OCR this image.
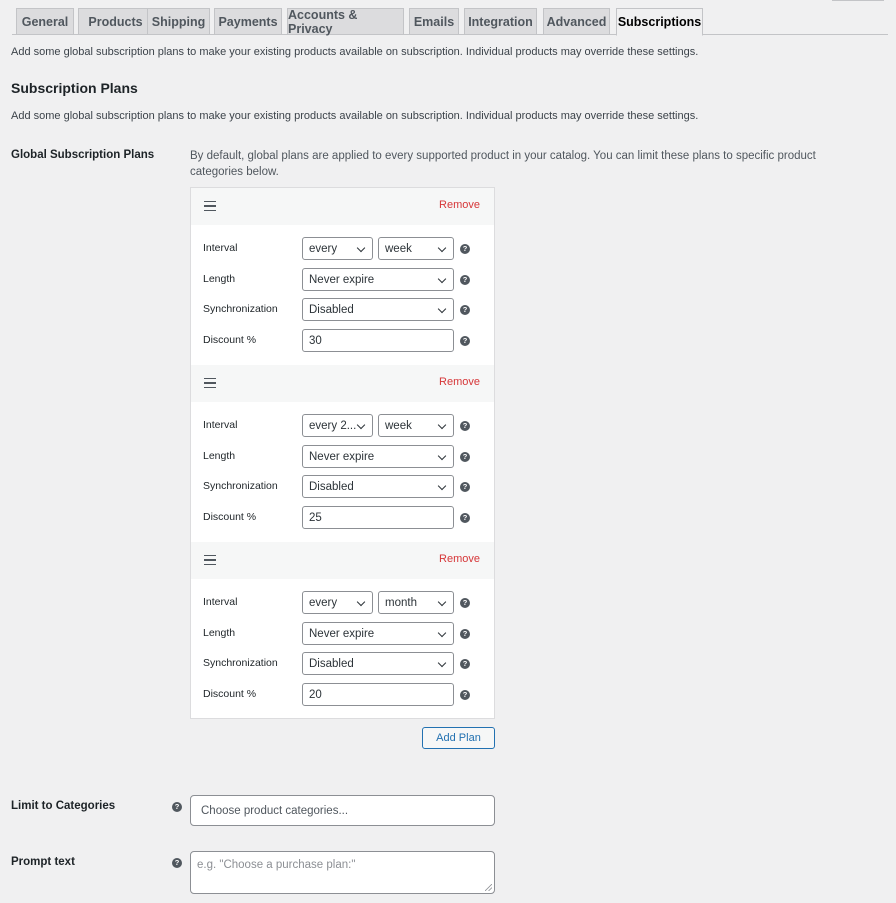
General	Products Shipping	Payments Accounts & Privacy	Emails	Integration	Advanced Subscriptions
Add some global subscription plans to make your existing products available on subscription. Individual products may override these settings.
Subscription Plans
Add some global subscription plans to make your existing products available on subscription. Individual products may override these settings.
Global Subscription Plans	By default, global plans are applied to every supported product in your catalog. You can limit these plans to specific product categories below.
Remove
Interval	every	week	?
Length	Never expire	?
Synchronization	Disabled	?
Discount %	30	?
Remove
Interval	every 2... week	?
Length	Never expire	?
Synchronization	Disabled	?
Discount %	25	?
Remove
Interval	every	month	?
Length	Never expire	?
Synchronization	Disabled	?
Discount %	20	?
Add Plan
Limit to Categories	?	Choose product categories...
Prompt text	?	e.g. "Choose a purchase plan:"
